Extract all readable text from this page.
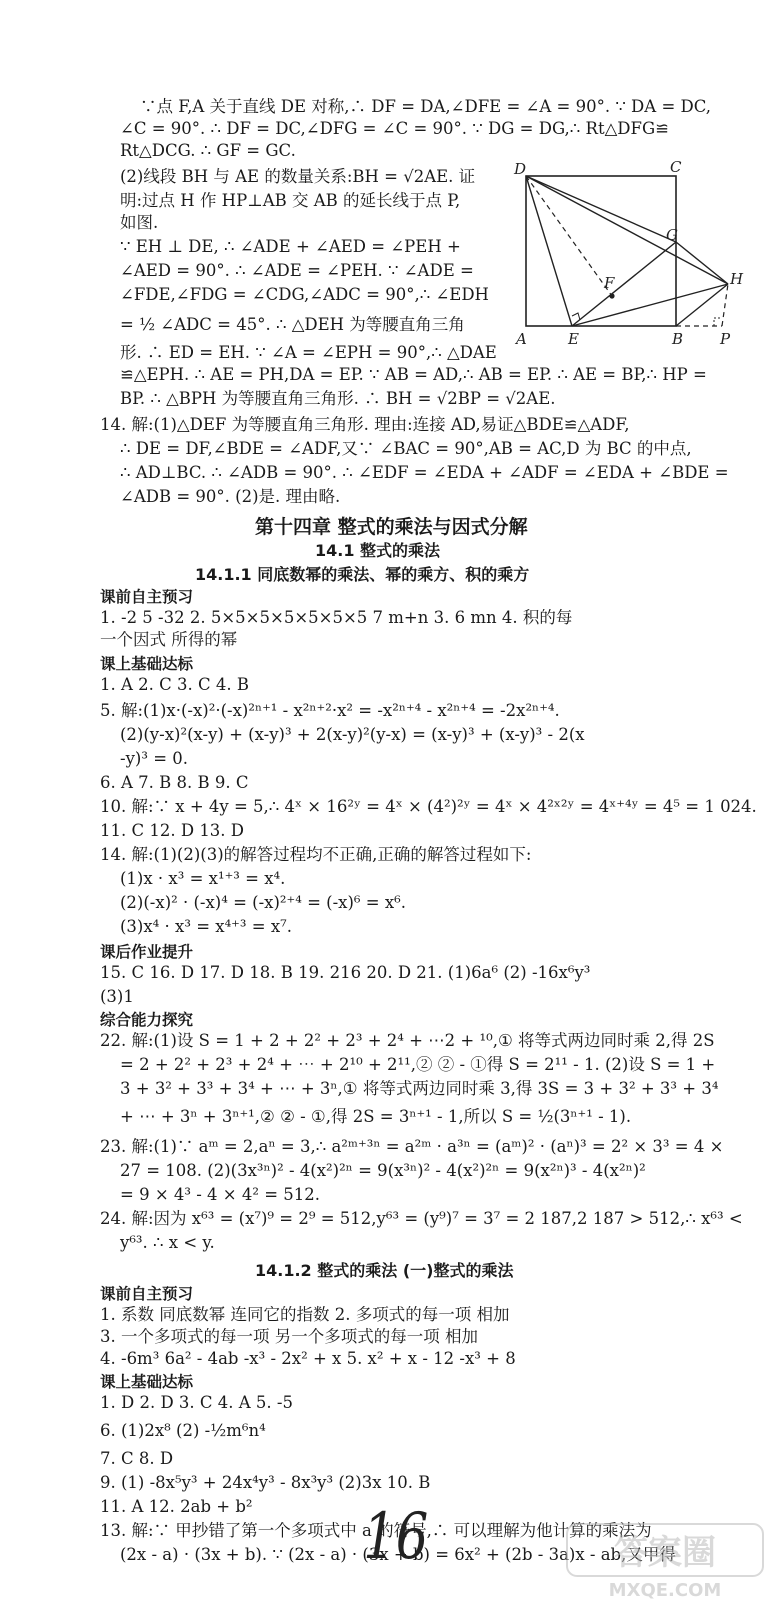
∵点 F,A 关于直线 DE 对称,∴ DF = DA,∠DFE = ∠A = 90°. ∵ DA = DC,
∠C = 90°. ∴ DF = DC,∠DFG = ∠C = 90°. ∵ DG = DG,∴ Rt△DFG≌
Rt△DCG. ∴ GF = GC.
(2)线段 BH 与 AE 的数量关系:BH = √2AE. 证
明:过点 H 作 HP⊥AB 交 AB 的延长线于点 P,
如图.
∵ EH ⊥ DE, ∴ ∠ADE + ∠AED = ∠PEH +
∠AED = 90°. ∴ ∠ADE = ∠PEH. ∵ ∠ADE =
∠FDE,∠FDG = ∠CDG,∠ADC = 90°,∴ ∠EDH
= ½ ∠ADC = 45°. ∴ △DEH 为等腰直角三角
形. ∴ ED = EH. ∵ ∠A = ∠EPH = 90°,∴ △DAE
≌△EPH. ∴ AE = PH,DA = EP. ∵ AB = AD,∴ AB = EP. ∴ AE = BP,∴ HP =
BP. ∴ △BPH 为等腰直角三角形. ∴ BH = √2BP = √2AE.
14. 解:(1)△DEF 为等腰直角三角形. 理由:连接 AD,易证△BDE≌△ADF,
∴ DE = DF,∠BDE = ∠ADF,又∵ ∠BAC = 90°,AB = AC,D 为 BC 的中点,
∴ AD⊥BC. ∴ ∠ADB = 90°. ∴ ∠EDF = ∠EDA + ∠ADF = ∠EDA + ∠BDE =
∠ADB = 90°. (2)是. 理由略.
第十四章 整式的乘法与因式分解
14.1 整式的乘法
14.1.1 同底数幂的乘法、幂的乘方、积的乘方
课前自主预习
1. -2 5 -32 2. 5×5×5×5×5×5×5 7 m+n 3. 6 mn 4. 积的每
一个因式 所得的幂
课上基础达标
1. A 2. C 3. C 4. B
5. 解:(1)x·(-x)²·(-x)²ⁿ⁺¹ - x²ⁿ⁺²·x² = -x²ⁿ⁺⁴ - x²ⁿ⁺⁴ = -2x²ⁿ⁺⁴.
(2)(y-x)²(x-y) + (x-y)³ + 2(x-y)²(y-x) = (x-y)³ + (x-y)³ - 2(x
-y)³ = 0.
6. A 7. B 8. B 9. C
10. 解:∵ x + 4y = 5,∴ 4ˣ × 16²ʸ = 4ˣ × (4²)²ʸ = 4ˣ × 4²ˣ²ʸ = 4ˣ⁺⁴ʸ = 4⁵ = 1 024.
11. C 12. D 13. D
14. 解:(1)(2)(3)的解答过程均不正确,正确的解答过程如下:
(1)x · x³ = x¹⁺³ = x⁴.
(2)(-x)² · (-x)⁴ = (-x)²⁺⁴ = (-x)⁶ = x⁶.
(3)x⁴ · x³ = x⁴⁺³ = x⁷.
课后作业提升
15. C 16. D 17. D 18. B 19. 216 20. D 21. (1)6a⁶ (2) -16x⁶y³
(3)1
综合能力探究
22. 解:(1)设 S = 1 + 2 + 2² + 2³ + 2⁴ + ⋯2 + ¹⁰,① 将等式两边同时乘 2,得 2S
= 2 + 2² + 2³ + 2⁴ + ⋯ + 2¹⁰ + 2¹¹,② ② - ①得 S = 2¹¹ - 1. (2)设 S = 1 +
3 + 3² + 3³ + 3⁴ + ⋯ + 3ⁿ,① 将等式两边同时乘 3,得 3S = 3 + 3² + 3³ + 3⁴
+ ⋯ + 3ⁿ + 3ⁿ⁺¹,② ② - ①,得 2S = 3ⁿ⁺¹ - 1,所以 S = ½(3ⁿ⁺¹ - 1).
23. 解:(1)∵ aᵐ = 2,aⁿ = 3,∴ a²ᵐ⁺³ⁿ = a²ᵐ · a³ⁿ = (aᵐ)² · (aⁿ)³ = 2² × 3³ = 4 ×
27 = 108. (2)(3x³ⁿ)² - 4(x²)²ⁿ = 9(x³ⁿ)² - 4(x²)²ⁿ = 9(x²ⁿ)³ - 4(x²ⁿ)²
= 9 × 4³ - 4 × 4² = 512.
24. 解:因为 x⁶³ = (x⁷)⁹ = 2⁹ = 512,y⁶³ = (y⁹)⁷ = 3⁷ = 2 187,2 187 > 512,∴ x⁶³ <
y⁶³. ∴ x < y.
14.1.2 整式的乘法 (一)整式的乘法
课前自主预习
1. 系数 同底数幂 连同它的指数 2. 多项式的每一项 相加
3. 一个多项式的每一项 另一个多项式的每一项 相加
4. -6m³ 6a² - 4ab -x³ - 2x² + x 5. x² + x - 12 -x³ + 8
课上基础达标
1. D 2. D 3. C 4. A 5. -5
6. (1)2x⁸ (2) -½m⁶n⁴
7. C 8. D
9. (1) -8x⁵y³ + 24x⁴y³ - 8x³y³ (2)3x 10. B
11. A 12. 2ab + b²
13. 解:∵ 甲抄错了第一个多项式中 a 的符号,∴ 可以理解为他计算的乘法为
(2x - a) · (3x + b). ∵ (2x - a) · (3x + b) = 6x² + (2b - 3a)x - ab,又甲得
D	C
G
F	H
A	E	B P
16	答案圈
MXQE.COM
